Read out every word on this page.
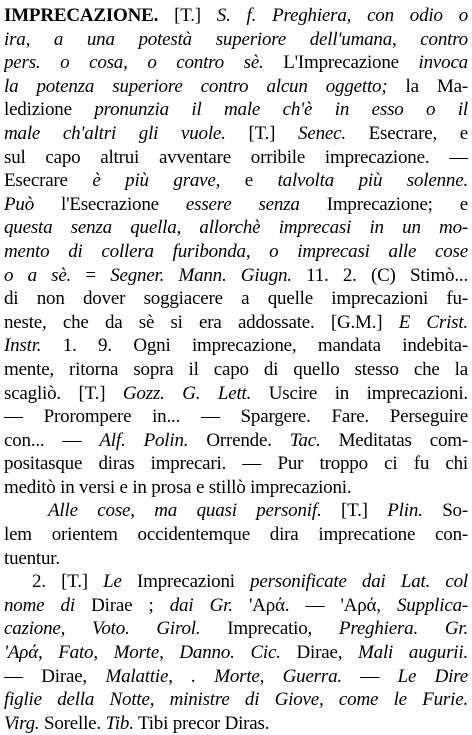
IMPRECAZIONE. [T.] S. f. Preghiera, con odio o
ira, a una potestà superiore dell'umana, contro
pers. o cosa, o contro sè. L'Imprecazione invoca
la potenza superiore contro alcun oggetto; la Ma-
ledizione pronunzia il male ch'è in esso o il
male ch'altri gli vuole. [T.] Senec. Esecrare, e
sul capo altrui avventare orribile imprecazione. —
Esecrare è più grave, e talvolta più solenne.
Può l'Esecrazione essere senza Imprecazione; e
questa senza quella, allorchè imprecasi in un mo-
mento di collera furibonda, o imprecasi alle cose
o a sè. = Segner. Mann. Giugn. 11. 2. (C) Stimò...
di non dover soggiacere a quelle imprecazioni fu-
neste, che da sè si era addossate. [G.M.] E Crist.
Instr. 1. 9. Ogni imprecazione, mandata indebita-
mente, ritorna sopra il capo di quello stesso che la
scagliò. [T.] Gozz. G. Lett. Uscire in imprecazioni.
— Prorompere in... — Spargere. Fare. Perseguire
con... — Alf. Polin. Orrende. Tac. Meditatas com-
positasque diras imprecari. — Pur troppo ci fu chi
meditò in versi e in prosa e stillò imprecazioni.
Alle cose, ma quasi personif. [T.] Plin. So-
lem orientem occidentemque dira imprecatione con-
tuentur.
2. [T.] Le Imprecazioni personificate dai Lat. col
nome di Dirae ; dai Gr. 'Αρά. — 'Αρά, Supplica-
cazione, Voto. Girol. Imprecatio, Preghiera. Gr.
'Αρά, Fato, Morte, Danno. Cic. Dirae, Mali augurii.
— Dirae, Malattie, . Morte, Guerra. — Le Dire
figlie della Notte, ministre di Giove, come le Furie.
Virg. Sorelle. Tib. Tibi precor Diras.
